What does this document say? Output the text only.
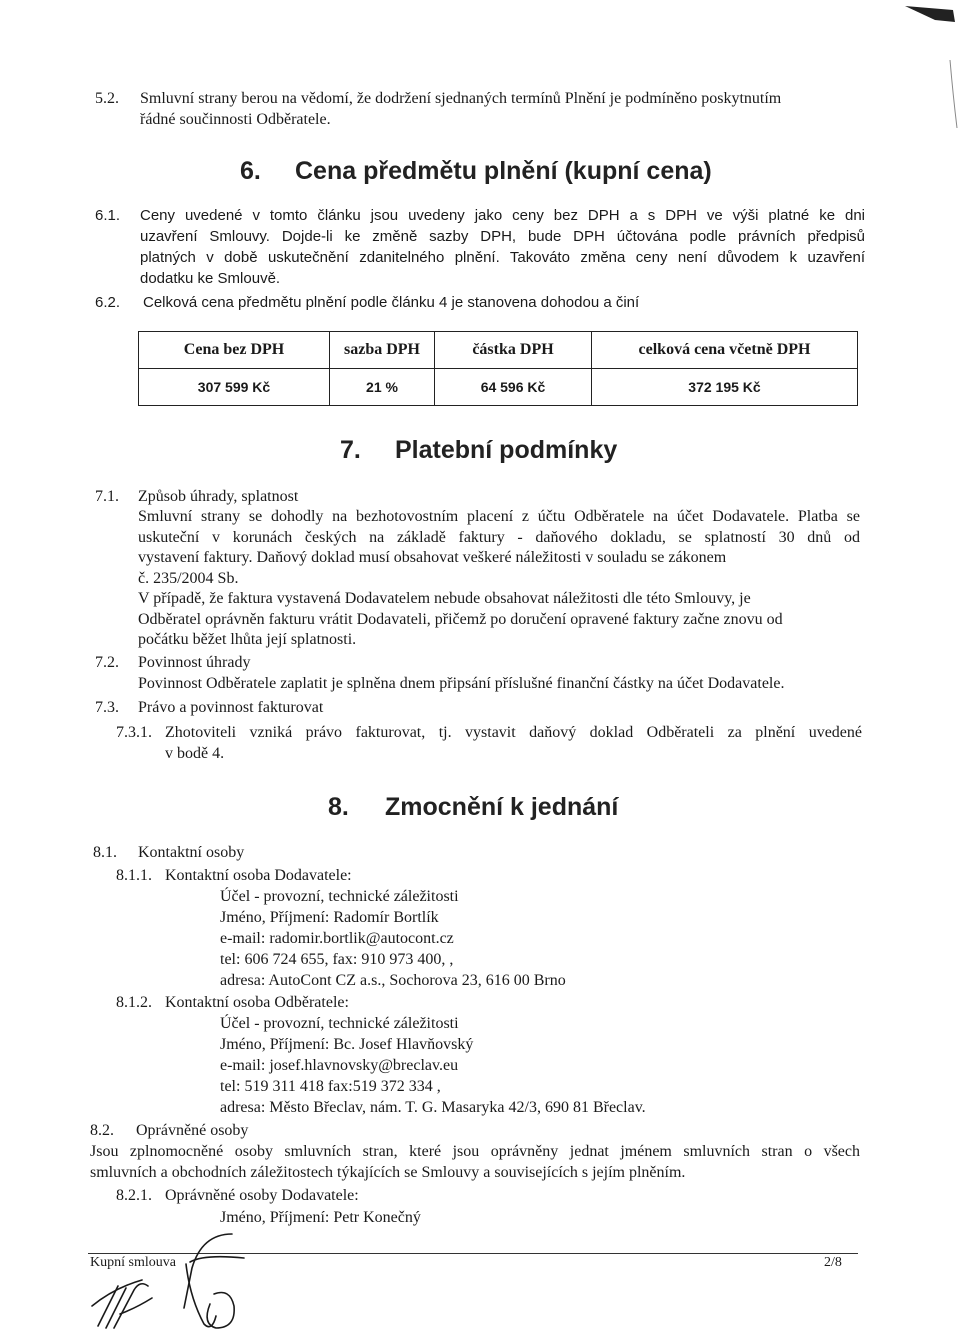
5.2. Smluvní strany berou na vědomí, že dodržení sjednaných termínů Plnění je podmíněno poskytnutím
řádné součinnosti Odběratele.
6. Cena předmětu plnění (kupní cena)
6.1. Ceny uvedené v tomto článku jsou uvedeny jako ceny bez DPH a s DPH ve výši platné ke dni
uzavření Smlouvy. Dojde-li ke změně sazby DPH, bude DPH účtována podle právních předpisů
platných v době uskutečnění zdanitelného plnění. Takováto změna ceny není důvodem k uzavření
dodatku ke Smlouvě.
6.2. Celková cena předmětu plnění podle článku 4 je stanovena dohodou a činí
Cena bez DPH	sazba DPH	částka DPH	celková cena včetně DPH
307 599 Kč	21 %	64 596 Kč	372 195 Kč
7. Platební podmínky
7.1. Způsob úhrady, splatnost
Smluvní strany se dohodly na bezhotovostním placení z účtu Odběratele na účet Dodavatele. Platba se
uskuteční v korunách českých na základě faktury - daňového dokladu, se splatností 30 dnů od
vystavení faktury. Daňový doklad musí obsahovat veškeré náležitosti v souladu se zákonem
č. 235/2004 Sb.
V případě, že faktura vystavená Dodavatelem nebude obsahovat náležitosti dle této Smlouvy, je
Odběratel oprávněn fakturu vrátit Dodavateli, přičemž po doručení opravené faktury začne znovu od
počátku běžet lhůta její splatnosti.
7.2. Povinnost úhrady
Povinnost Odběratele zaplatit je splněna dnem připsání příslušné finanční částky na účet Dodavatele.
7.3. Právo a povinnost fakturovat
7.3.1. Zhotoviteli vzniká právo fakturovat, tj. vystavit daňový doklad Odběrateli za plnění uvedené
v bodě 4.
8. Zmocnění k jednání
8.1. Kontaktní osoby
8.1.1. Kontaktní osoba Dodavatele:
Účel - provozní, technické záležitosti
Jméno, Příjmení: Radomír Bortlík
e-mail: radomir.bortlik@autocont.cz
tel: 606 724 655, fax: 910 973 400, ,
adresa: AutoCont CZ a.s., Sochorova 23, 616 00 Brno
8.1.2. Kontaktní osoba Odběratele:
Účel - provozní, technické záležitosti
Jméno, Příjmení: Bc. Josef Hlavňovský
e-mail: josef.hlavnovsky@breclav.eu
tel: 519 311 418 fax:519 372 334 ,
adresa: Město Břeclav, nám. T. G. Masaryka 42/3, 690 81 Břeclav.
8.2. Oprávněné osoby
Jsou zplnomocněné osoby smluvních stran, které jsou oprávněny jednat jménem smluvních stran o všech
smluvních a obchodních záležitostech týkajících se Smlouvy a souvisejících s jejím plněním.
8.2.1. Oprávněné osoby Dodavatele:
Jméno, Příjmení: Petr Konečný
Kupní smlouva	2/8
